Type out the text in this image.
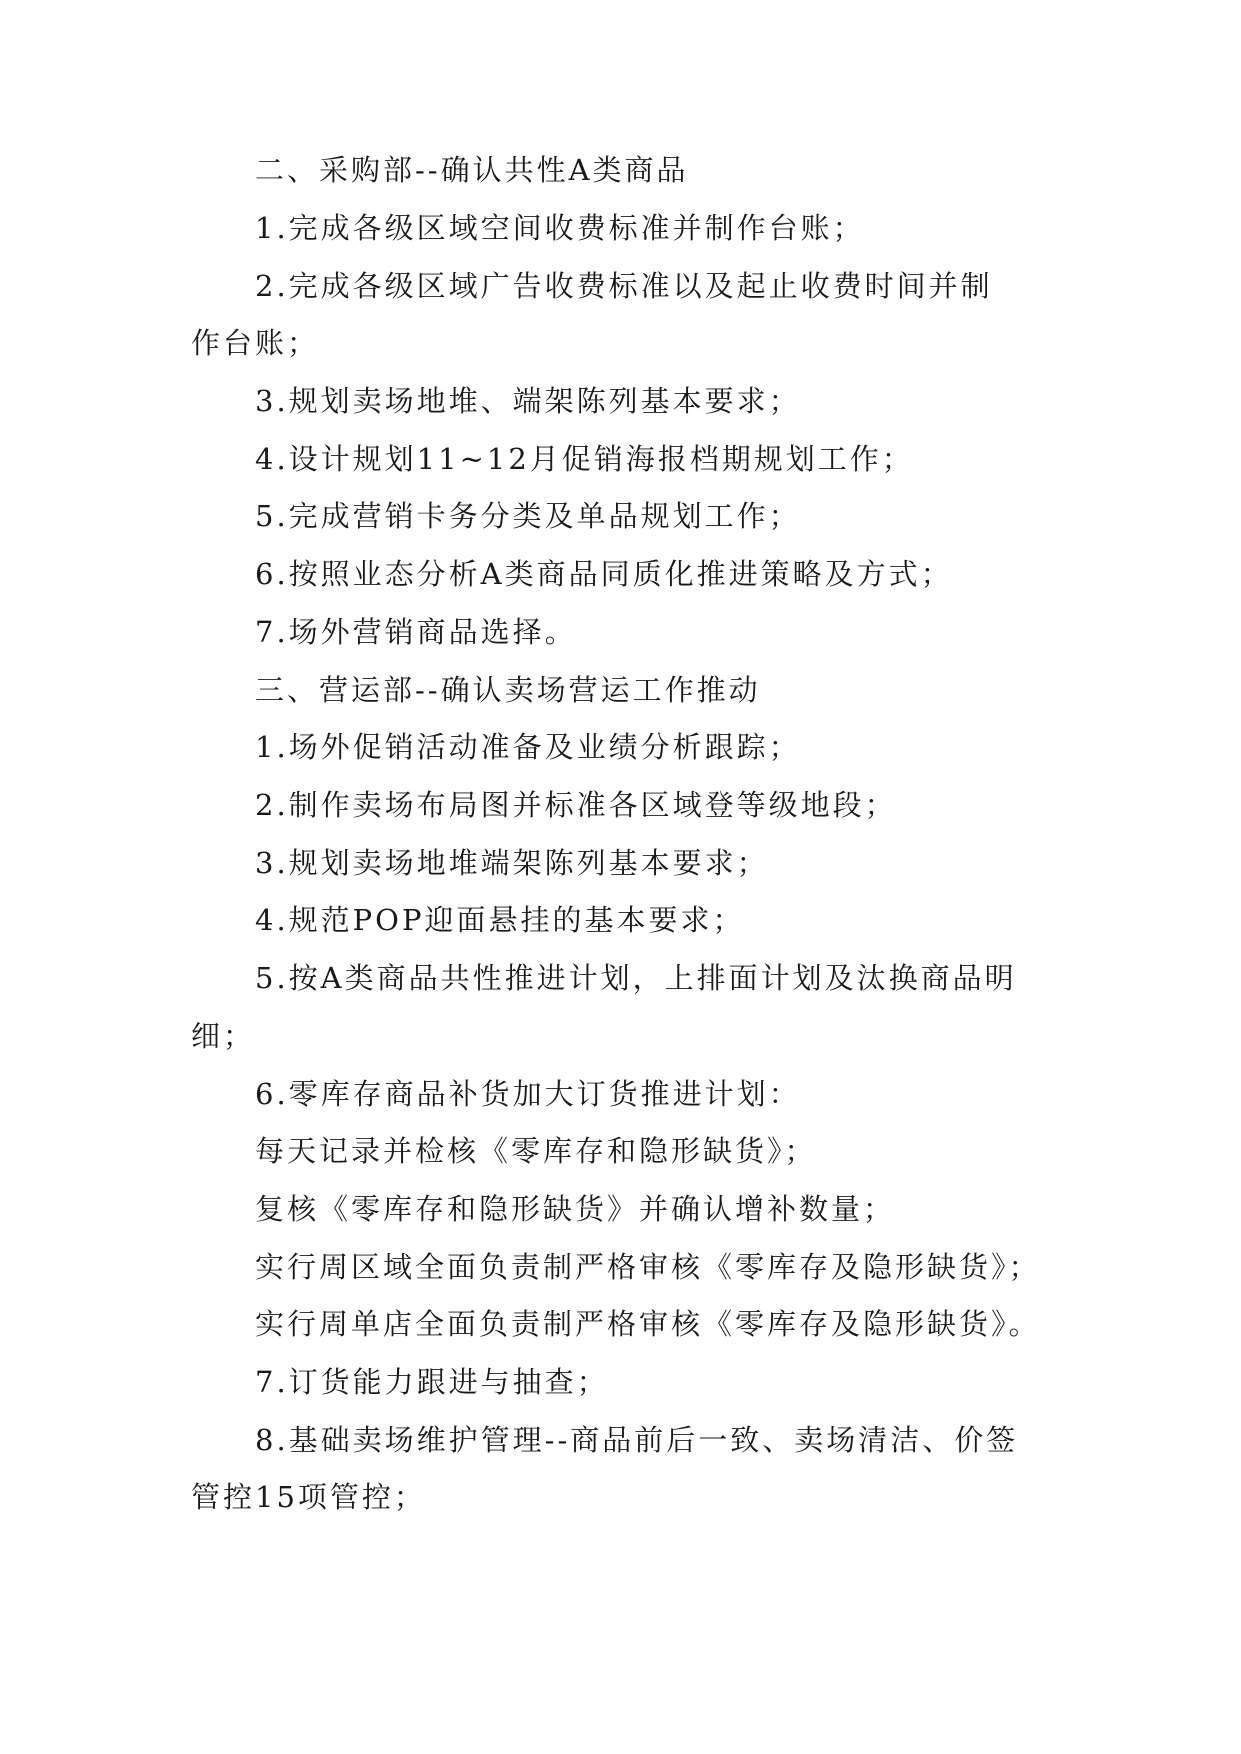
二、采购部--确认共性A类商品

1.完成各级区域空间收费标准并制作台账；

2.完成各级区域广告收费标准以及起止收费时间并制

作台账；

3.规划卖场地堆、端架陈列基本要求；

4.设计规划11~12月促销海报档期规划工作；

5.完成营销卡务分类及单品规划工作；

6.按照业态分析A类商品同质化推进策略及方式；

7.场外营销商品选择。

三、营运部--确认卖场营运工作推动

1.场外促销活动准备及业绩分析跟踪；

2.制作卖场布局图并标准各区域登等级地段；

3.规划卖场地堆端架陈列基本要求；

4.规范POP迎面悬挂的基本要求；

5.按A类商品共性推进计划，上排面计划及汰换商品明

细；

6.零库存商品补货加大订货推进计划：

每天记录并检核《零库存和隐形缺货》；

复核《零库存和隐形缺货》并确认增补数量；

实行周区域全面负责制严格审核《零库存及隐形缺货》；

实行周单店全面负责制严格审核《零库存及隐形缺货》。

7.订货能力跟进与抽查；

8.基础卖场维护管理--商品前后一致、卖场清洁、价签

管控15项管控；
